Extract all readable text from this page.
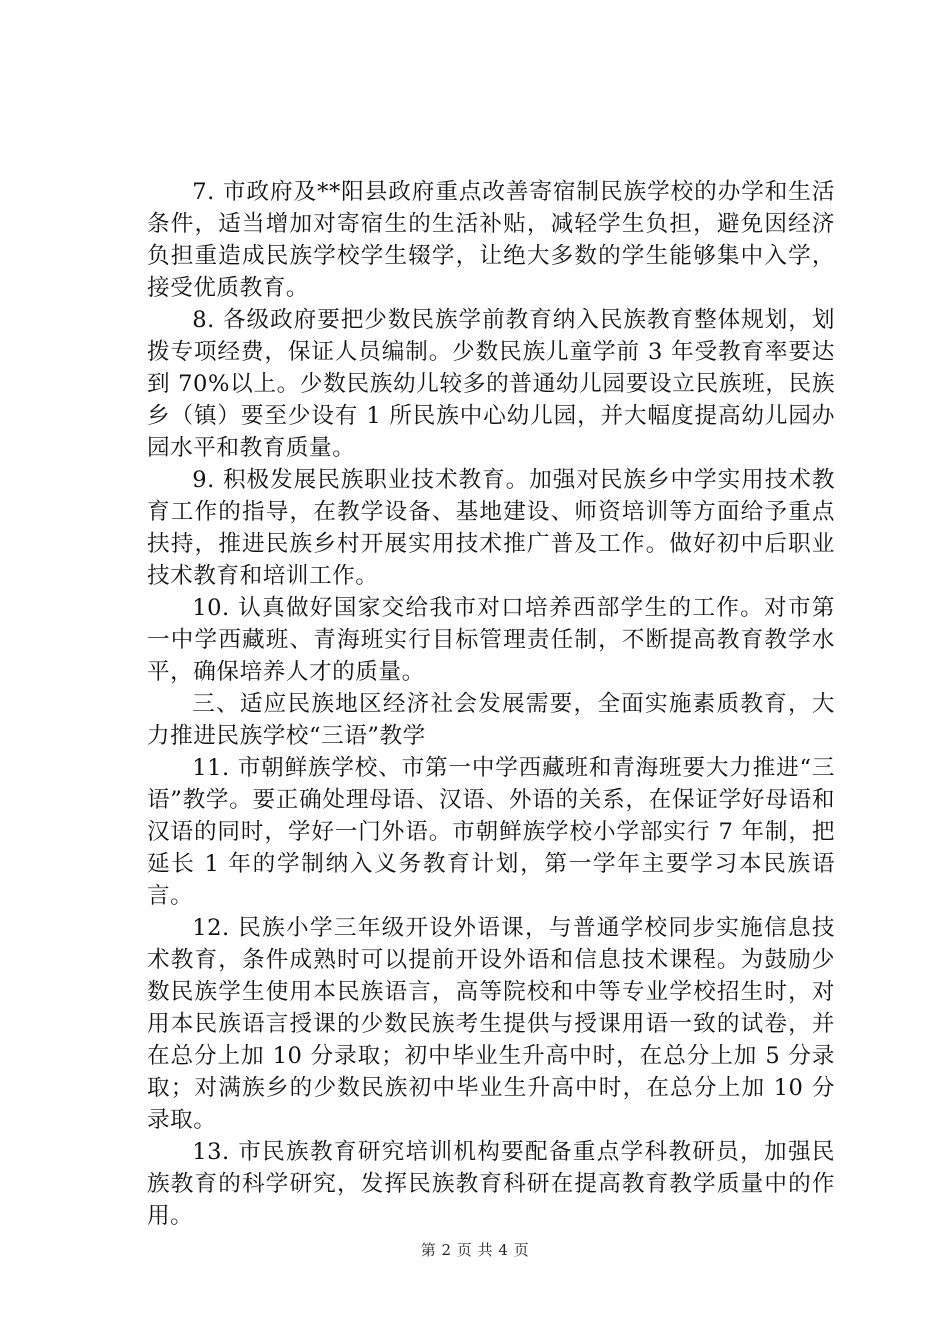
7. 市政府及**阳县政府重点改善寄宿制民族学校的办学和生活条件，适当增加对寄宿生的生活补贴，减轻学生负担，避免因经济负担重造成民族学校学生辍学，让绝大多数的学生能够集中入学，接受优质教育。

8. 各级政府要把少数民族学前教育纳入民族教育整体规划，划拨专项经费，保证人员编制。少数民族儿童学前 3 年受教育率要达到 70%以上。少数民族幼儿较多的普通幼儿园要设立民族班，民族乡（镇）要至少设有 1 所民族中心幼儿园，并大幅度提高幼儿园办园水平和教育质量。

9. 积极发展民族职业技术教育。加强对民族乡中学实用技术教育工作的指导，在教学设备、基地建设、师资培训等方面给予重点扶持，推进民族乡村开展实用技术推广普及工作。做好初中后职业技术教育和培训工作。

10. 认真做好国家交给我市对口培养西部学生的工作。对市第一中学西藏班、青海班实行目标管理责任制，不断提高教育教学水平，确保培养人才的质量。

三、适应民族地区经济社会发展需要，全面实施素质教育，大力推进民族学校“三语”教学

11. 市朝鲜族学校、市第一中学西藏班和青海班要大力推进“三语”教学。要正确处理母语、汉语、外语的关系，在保证学好母语和汉语的同时，学好一门外语。市朝鲜族学校小学部实行 7 年制，把延长 1 年的学制纳入义务教育计划，第一学年主要学习本民族语言。

12. 民族小学三年级开设外语课，与普通学校同步实施信息技术教育，条件成熟时可以提前开设外语和信息技术课程。为鼓励少数民族学生使用本民族语言，高等院校和中等专业学校招生时，对用本民族语言授课的少数民族考生提供与授课用语一致的试卷，并在总分上加 10 分录取；初中毕业生升高中时，在总分上加 5 分录取；对满族乡的少数民族初中毕业生升高中时，在总分上加 10 分录取。

13. 市民族教育研究培训机构要配备重点学科教研员，加强民族教育的科学研究，发挥民族教育科研在提高教育教学质量中的作用。

第 2 页 共 4 页
